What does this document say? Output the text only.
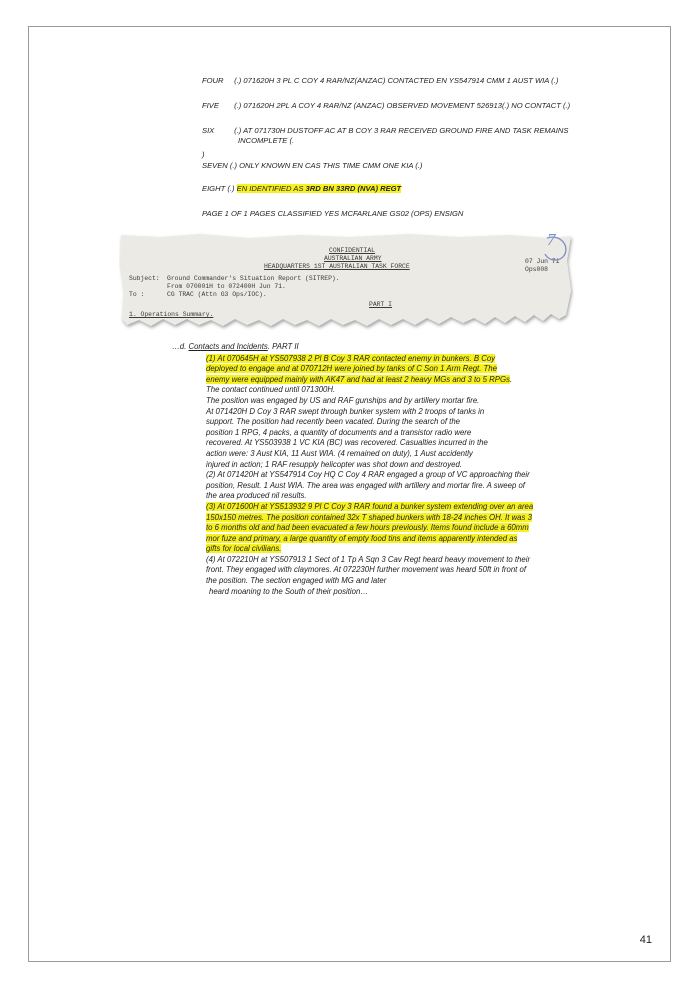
FOUR (.) 071620H 3 PL C COY 4 RAR/NZ(ANZAC) CONTACTED EN YS547914 CMM 1 AUST WIA (.)
FIVE (.) 071620H 2PL A COY 4 RAR/NZ (ANZAC) OBSERVED MOVEMENT 526913(.) NO CONTACT (.)
SIX	(.) AT 071730H DUSTOFF AC AT B COY 3 RAR RECEIVED GROUND FIRE AND TASK REMAINS
INCOMPLETE (.
)
SEVEN (.) ONLY KNOWN EN CAS THIS TIME CMM ONE KIA (.)
EIGHT (.) EN IDENTIFIED AS 3RD BN 33RD (NVA) REGT
PAGE 1 OF 1 PAGES CLASSIFIED YES MCFARLANE GS02 (OPS) ENSIGN
CONFIDENTIAL
AUSTRALIAN ARMY
HEADQUARTERS 1ST AUSTRALIAN TASK FORCE
07 Jun 71
Ops008
7
Subject: Ground Commander's Situation Report (SITREP).
From 070001H to 072400H Jun 71.
To :	CG TRAC (Attn G3 Ops/IOC).
PART I
1. Operations Summary.
…d. Contacts and Incidents. PART II
(1) At 070645H at YS507938 2 Pl B Coy 3 RAR contacted enemy in bunkers. B Coy
deployed to engage and at 070712H were joined by tanks of C Son 1 Arm Regt. The
enemy were equipped mainly with AK47 and had at least 2 heavy MGs and 3 to 5 RPGs.
The contact continued until 071300H.
The position was engaged by US and RAF gunships and by artillery mortar fire.
At 071420H D Coy 3 RAR swept through bunker system with 2 troops of tanks in
support. The position had recently been vacated. During the search of the
position 1 RPG, 4 packs, a quantity of documents and a transistor radio were
recovered. At YS503938 1 VC KIA (BC) was recovered. Casualties incurred in the
action were: 3 Aust KIA, 11 Aust WIA. (4 remained on duty), 1 Aust accidently
injured in action; 1 RAF resupply helicopter was shot down and destroyed.
(2) At 071420H at YS547914 Coy HQ C Coy 4 RAR engaged a group of VC approaching their
position, Result. 1 Aust WIA. The area was engaged with artillery and mortar fire. A sweep of
the area produced nil results.
(3) At 071600H at YS513932 9 Pl C Coy 3 RAR found a bunker system extending over an area
150x150 metres. The position contained 32x T shaped bunkers with 18-24 inches OH. It was 3
to 6 months old and had been evacuated a few hours previously. Items found include a 60mm
mor fuze and primary, a large quantity of empty food tins and items apparently intended as
gifts for local civilians.
(4) At 072210H at YS507913 1 Sect of 1 Tp A Sqn 3 Cav Regt heard heavy movement to their
front. They engaged with claymores. At 072230H further movement was heard 50ft in front of
the position. The section engaged with MG and later
heard moaning to the South of their position…
41
